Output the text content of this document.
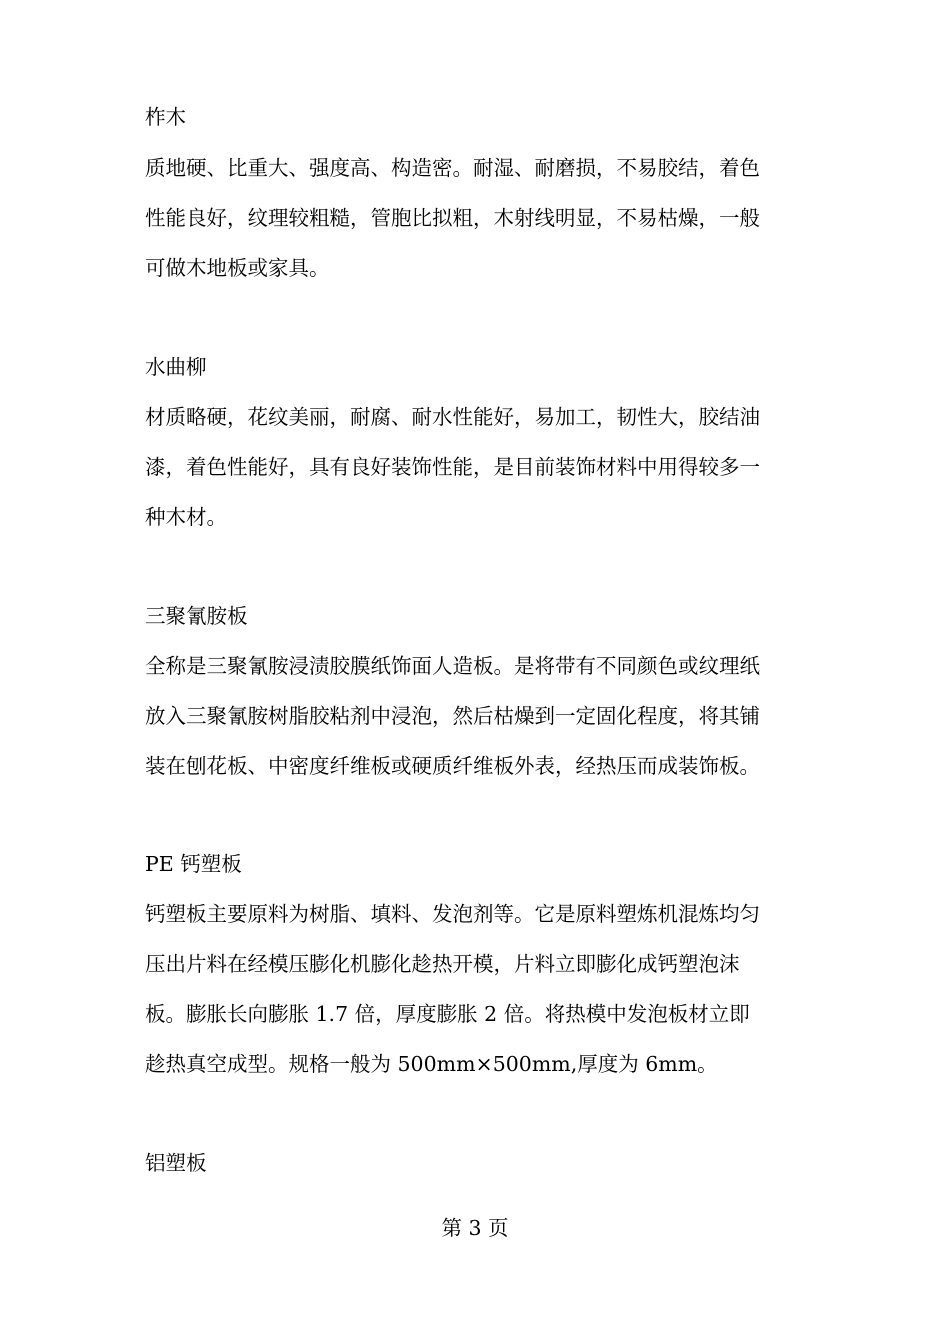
柞木
质地硬、比重大、强度高、构造密。耐湿、耐磨损，不易胶结，着色
性能良好，纹理较粗糙，管胞比拟粗，木射线明显，不易枯燥，一般
可做木地板或家具。
水曲柳
材质略硬，花纹美丽，耐腐、耐水性能好，易加工，韧性大，胶结油
漆，着色性能好，具有良好装饰性能，是目前装饰材料中用得较多一
种木材。
三聚氰胺板
全称是三聚氰胺浸渍胶膜纸饰面人造板。是将带有不同颜色或纹理纸
放入三聚氰胺树脂胶粘剂中浸泡，然后枯燥到一定固化程度，将其铺
装在刨花板、中密度纤维板或硬质纤维板外表，经热压而成装饰板。
PE 钙塑板
钙塑板主要原料为树脂、填料、发泡剂等。它是原料塑炼机混炼均匀
压出片料在经模压膨化机膨化趁热开模，片料立即膨化成钙塑泡沫
板。膨胀长向膨胀 1.7 倍，厚度膨胀 2 倍。将热模中发泡板材立即
趁热真空成型。规格一般为 500mm×500mm,厚度为 6mm。
铝塑板
第 3 页
